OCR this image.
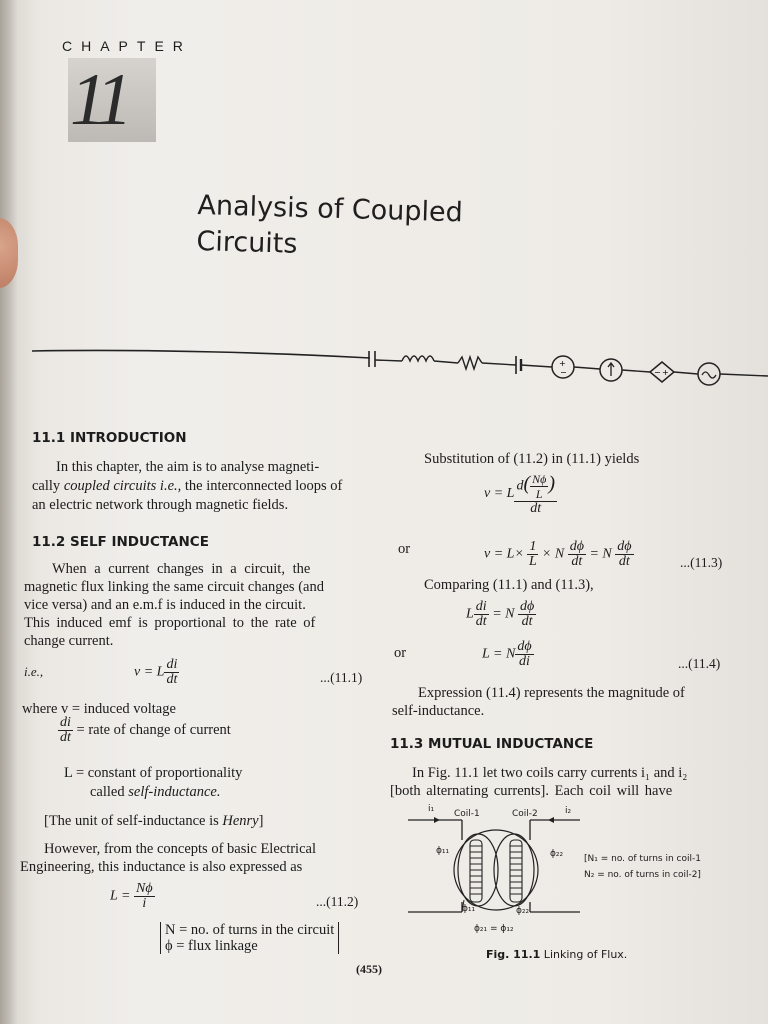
CHAPTER
11
Analysis of Coupled
Circuits
+
−	− +
11.1 INTRODUCTION
In this chapter, the aim is to analyse magneti-
cally coupled circuits i.e., the interconnected loops of
an electric network through magnetic fields.
11.2 SELF INDUCTANCE
When a current changes in a circuit, the
magnetic flux linking the same circuit changes (and
vice versa) and an e.m.f is induced in the circuit.
This induced emf is proportional to the rate of
change current.
i.e.,	v = L $\frac{di}{dt}$	...(11.1)
where v = induced voltage
$\frac{di}{dt}$ = rate of change of current
L = constant of proportionality
called self-inductance.
[The unit of self-inductance is Henry]
However, from the concepts of basic Electrical
Engineering, this inductance is also expressed as
$L = \frac{N\phi}{i}$	...(11.2)
N = no. of turns in the circuit
ϕ = flux linkage
(455)
Substitution of (11.2) in (11.1) yields
v = L $\frac{d( \frac{N\phi}{L} )}{dt}$
or	$v = L\times \frac{1}{L} \times N \frac{d\phi}{dt} = N \frac{d\phi}{dt}$	...(11.3)
Comparing (11.1) and (11.3),
L $\frac{di}{dt} = N \frac{d\phi}{dt}$
or	L = N $\frac{d\phi}{di}$	...(11.4)
Expression (11.4) represents the magnitude of
self-inductance.
11.3 MUTUAL INDUCTANCE
In Fig. 11.1 let two coils carry currents i₁ and i₂
[both alternating currents]. Each coil will have
i₁ Coil-1	Coil-2	i₂
ϕ₁₁	ϕ₂₂
ϕ₁₁	ϕ₂₂
ϕ₂₁ = ϕ₁₂
[N₁ = no. of turns in coil-1
N₂ = no. of turns in coil-2]
Fig. 11.1 Linking of Flux.
